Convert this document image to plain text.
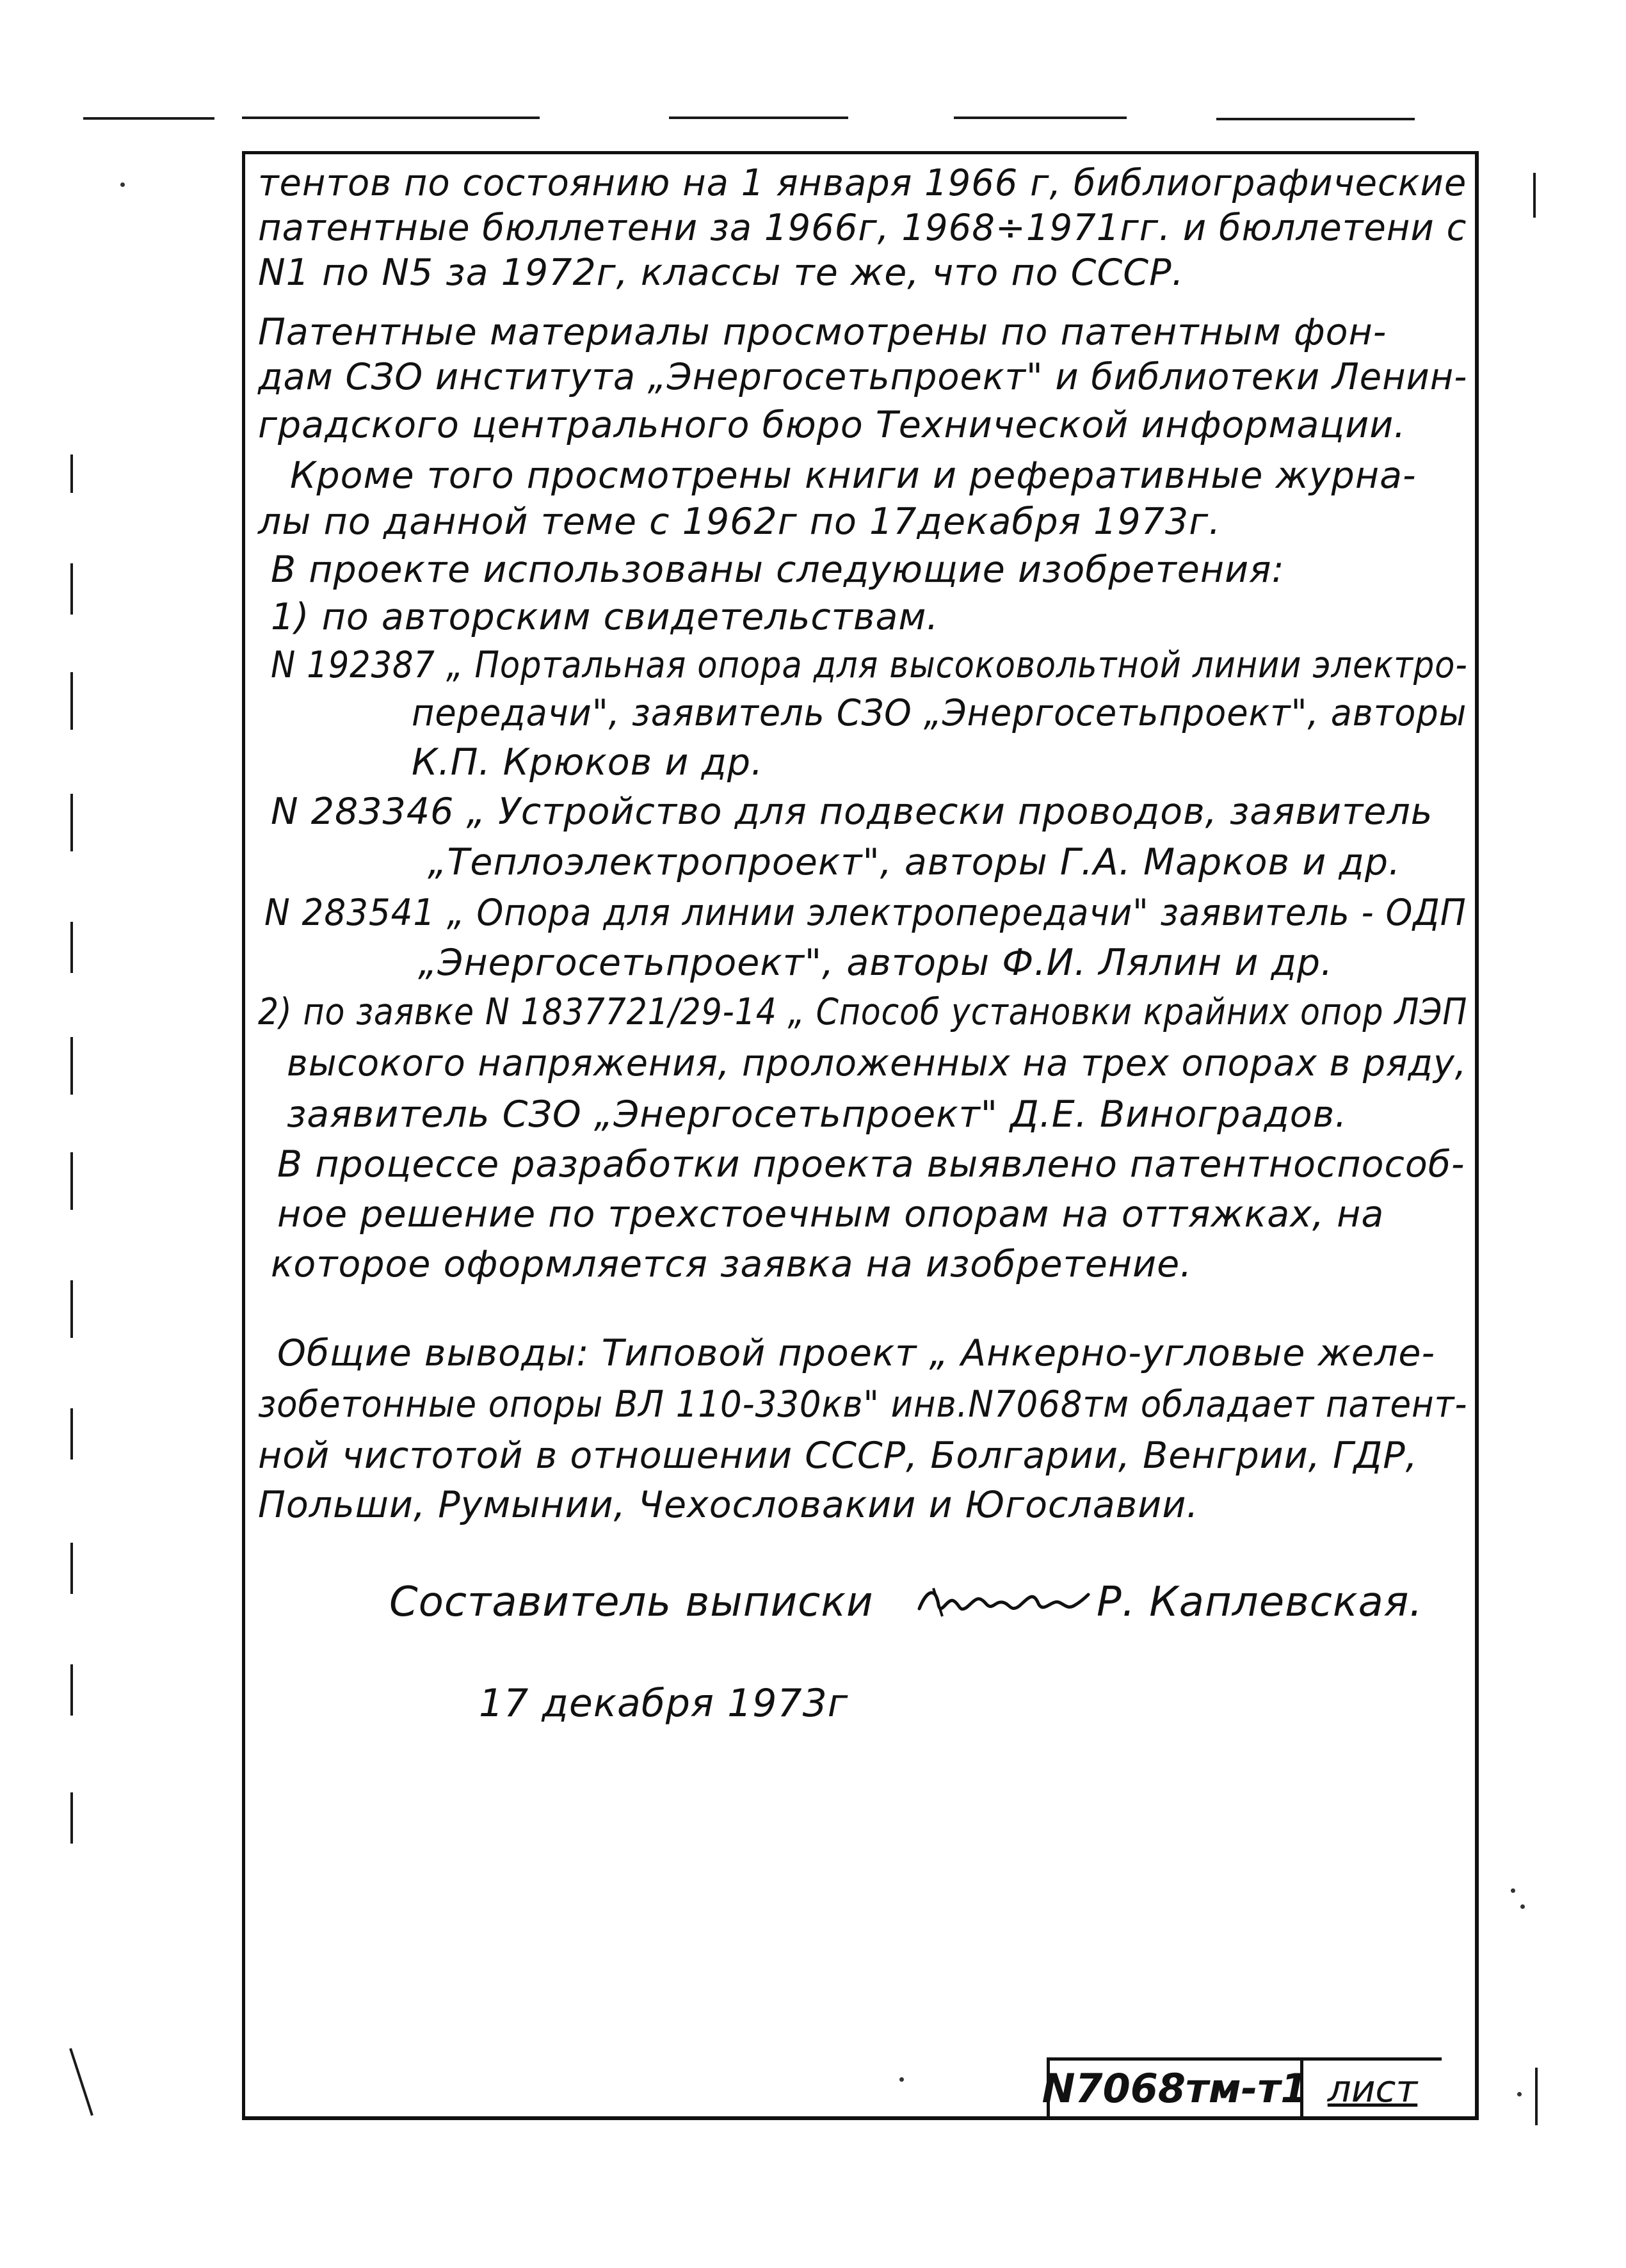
тентов по состоянию на 1 января 1966 г, библиографические
патентные бюллетени за 1966г, 1968÷1971гг. и бюллетени с
N1 по N5 за 1972г, классы те же, что по СССР.
Патентные материалы просмотрены по патентным фон-
дам СЗО института „Энергосетьпроект" и библиотеки Ленин-
градского центрального бюро Технической информации.
Кроме того просмотрены книги и реферативные журна-
лы по данной теме с 1962г по 17декабря 1973г.
В проекте использованы следующие изобретения:
1) по авторским свидетельствам.
N 192387 „ Портальная опора для высоковольтной линии электро-
передачи", заявитель СЗО „Энергосетьпроект", авторы
К.П. Крюков и др.
N 283346 „ Устройство для подвески проводов, заявитель
„Теплоэлектропроект", авторы Г.А. Марков и др.
N 283541 „ Опора для линии электропередачи" заявитель - ОДП
„Энергосетьпроект", авторы Ф.И. Лялин и др.
2) по заявке N 1837721/29-14 „ Способ установки крайних опор ЛЭП
высокого напряжения, проложенных на трех опорах в ряду,
заявитель СЗО „Энергосетьпроект" Д.Е. Виноградов.
В процессе разработки проекта выявлено патентноспособ-
ное решение по трехстоечным опорам на оттяжках, на
которое оформляется заявка на изобретение.
Общие выводы: Типовой проект „ Анкерно-угловые желе-
зобетонные опоры ВЛ 110-330кв" инв.N7068тм обладает патент-
ной чистотой в отношении СССР, Болгарии, Венгрии, ГДР,
Польши, Румынии, Чехословакии и Югославии.
Составитель выписки	Р. Каплевская.
17 декабря 1973г
N7068тм-т1 лист
